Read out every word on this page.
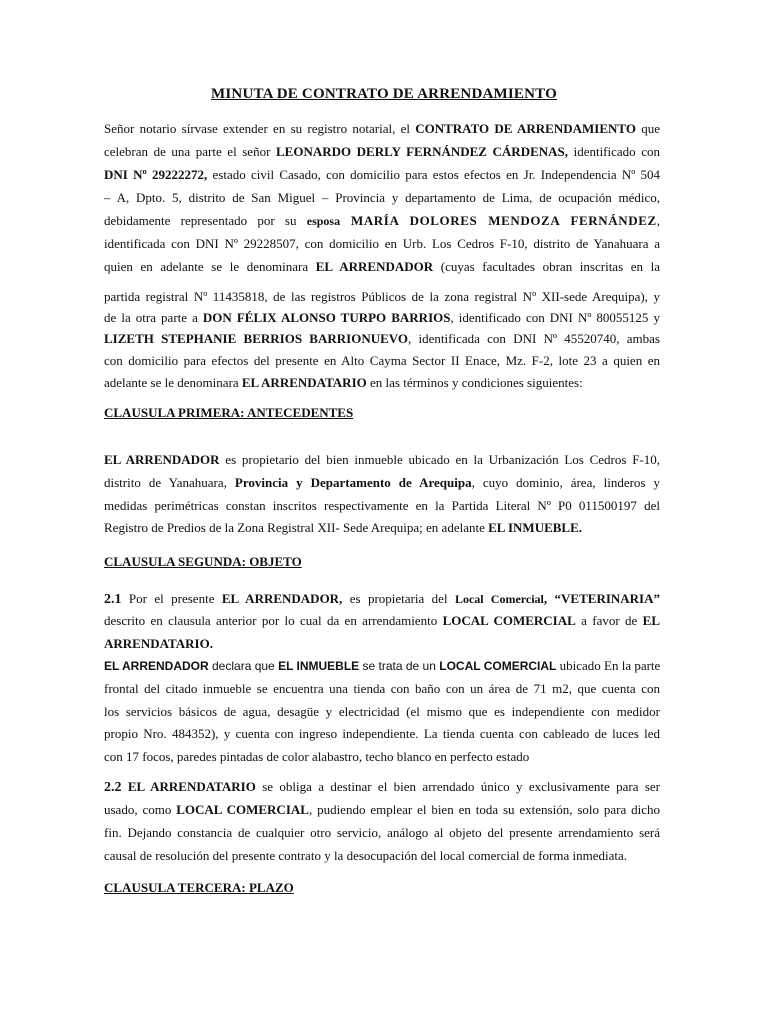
MINUTA DE CONTRATO DE ARRENDAMIENTO
Señor notario sírvase extender en su registro notarial, el CONTRATO DE ARRENDAMIENTO que
celebran de una parte el señor LEONARDO DERLY FERNÁNDEZ CÁRDENAS, identificado con
DNI Nº 29222272, estado civil Casado, con domicilio para estos efectos en Jr. Independencia Nº 504
– A, Dpto. 5, distrito de San Miguel – Provincia y departamento de Lima, de ocupación médico,
debidamente representado por su esposa MARÍA DOLORES MENDOZA FERNÁNDEZ,
identificada con DNI Nº 29228507, con domicilio en Urb. Los Cedros F-10, distrito de Yanahuara a
quien en adelante se le denominara EL ARRENDADOR (cuyas facultades obran inscritas en la
partida registral Nº 11435818, de las registros Públicos de la zona registral Nº XII-sede Arequipa), y
de la otra parte a DON FÉLIX ALONSO TURPO BARRIOS, identificado con DNI Nº 80055125 y
LIZETH STEPHANIE BERRIOS BARRIONUEVO, identificada con DNI Nº 45520740, ambas
con domicilio para efectos del presente en Alto Cayma Sector II Enace, Mz. F-2, lote 23 a quien en
adelante se le denominara EL ARRENDATARIO en las términos y condiciones siguientes:
CLAUSULA PRIMERA: ANTECEDENTES
EL ARRENDADOR es propietario del bien inmueble ubicado en la Urbanización Los Cedros F-10,
distrito de Yanahuara, Provincia y Departamento de Arequipa, cuyo dominio, área, linderos y
medidas perimétricas constan inscritos respectivamente en la Partida Literal Nº P0 011500197 del
Registro de Predios de la Zona Registral XII- Sede Arequipa; en adelante EL INMUEBLE.
CLAUSULA SEGUNDA: OBJETO
2.1 Por el presente EL ARRENDADOR, es propietaria del Local Comercial, “VETERINARIA”
descrito en clausula anterior por lo cual da en arrendamiento LOCAL COMERCIAL a favor de EL
ARRENDATARIO.
EL ARRENDADOR declara que EL INMUEBLE se trata de un LOCAL COMERCIAL ubicado En la parte
frontal del citado inmueble se encuentra una tienda con baño con un área de 71 m2, que cuenta con
los servicios básicos de agua, desagüe y electricidad (el mismo que es independiente con medidor
propio Nro. 484352), y cuenta con ingreso independiente. La tienda cuenta con cableado de luces led
con 17 focos, paredes pintadas de color alabastro, techo blanco en perfecto estado
2.2 EL ARRENDATARIO se obliga a destinar el bien arrendado único y exclusivamente para ser
usado, como LOCAL COMERCIAL, pudiendo emplear el bien en toda su extensión, solo para dicho
fin. Dejando constancia de cualquier otro servicio, análogo al objeto del presente arrendamiento será
causal de resolución del presente contrato y la desocupación del local comercial de forma inmediata.
CLAUSULA TERCERA: PLAZO
